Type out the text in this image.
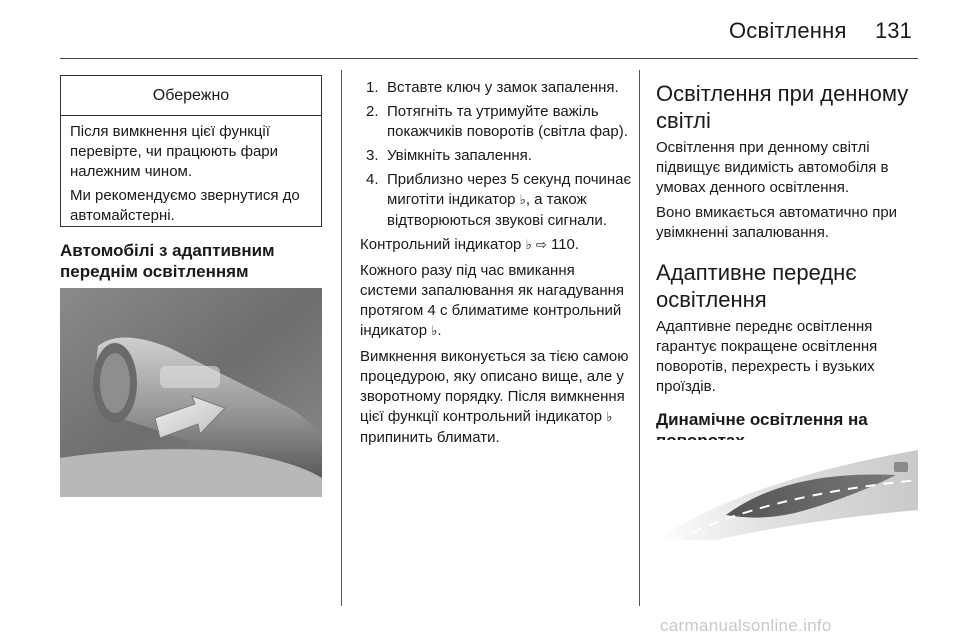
Освітлення 131
Обережно

Після вимкнення цієї функції перевірте, чи працюють фари належним чином.

Ми рекомендуємо звернутися до автомайстерні.

Автомобілі з адаптивним переднім освітленням
1. Вставте ключ у замок запалення.
2. Потягніть та утримуйте важіль покажчиків поворотів (світла фар).
3. Увімкніть запалення.
4. Приблизно через 5 секунд починає миготіти індикатор ♭, а також відтворюються звукові сигнали.

Контрольний індикатор ♭ ⇨ 110.

Кожного разу під час вмикання системи запалювання як нагадування протягом 4 с блиматиме контрольний індикатор ♭.

Вимкнення виконується за тією самою процедурою, яку описано вище, але у зворотному порядку. Після вимкнення цієї функції контрольний індикатор ♭ припинить блимати.

Освітлення при денному світлі

Освітлення при денному світлі підвищує видимість автомобіля в умовах денного освітлення.

Воно вмикається автоматично при увімкненні запалювання.

Адаптивне переднє освітлення

Адаптивне переднє освітлення гарантує покращене освітлення поворотів, перехресть і вузьких проїздів.

Динамічне освітлення на
carmanualsonline.info
